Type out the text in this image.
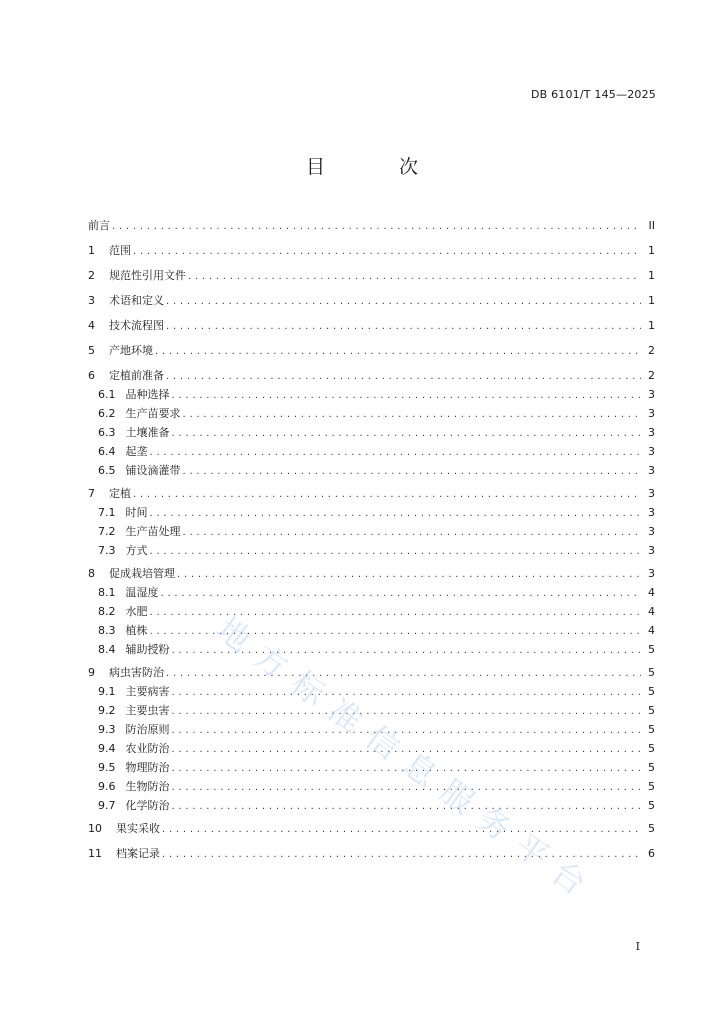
DB 6101/T 145—2025
目 次
前言 . . .	II
1 范围 . . .	1
2 规范性引用文件 . . .	1
3 术语和定义 . . .	1
4 技术流程图 . . .	1
5 产地环境 . . .	2
6 定植前准备 . . .	2
6.1 品种选择 . . .	3
6.2 生产苗要求 . . .	3
6.3 土壤准备 . . .	3
6.4 起垄 . . .	3
6.5 铺设滴灌带 . . .	3
7 定植 . . .	3
7.1 时间 . . .	3
7.2 生产苗处理 . . .	3
7.3 方式 . . .	3
8 促成栽培管理 . . .	3
8.1 温湿度 . . .	4
8.2 水肥 . . .	4
8.3 植株 . . .	4
8.4 辅助授粉 . . .	5
9 病虫害防治 . . .	5
9.1 主要病害 . . .	5
9.2 主要虫害 . . .	5
9.3 防治原则 . . .	5
9.4 农业防治 . . .	5
9.5 物理防治 . . .	5
9.6 生物防治 . . .	5
9.7 化学防治 . . .	5
10 果实采收 . . .	5
11 档案记录 . . .	6
地方标准信息服务平台
I
